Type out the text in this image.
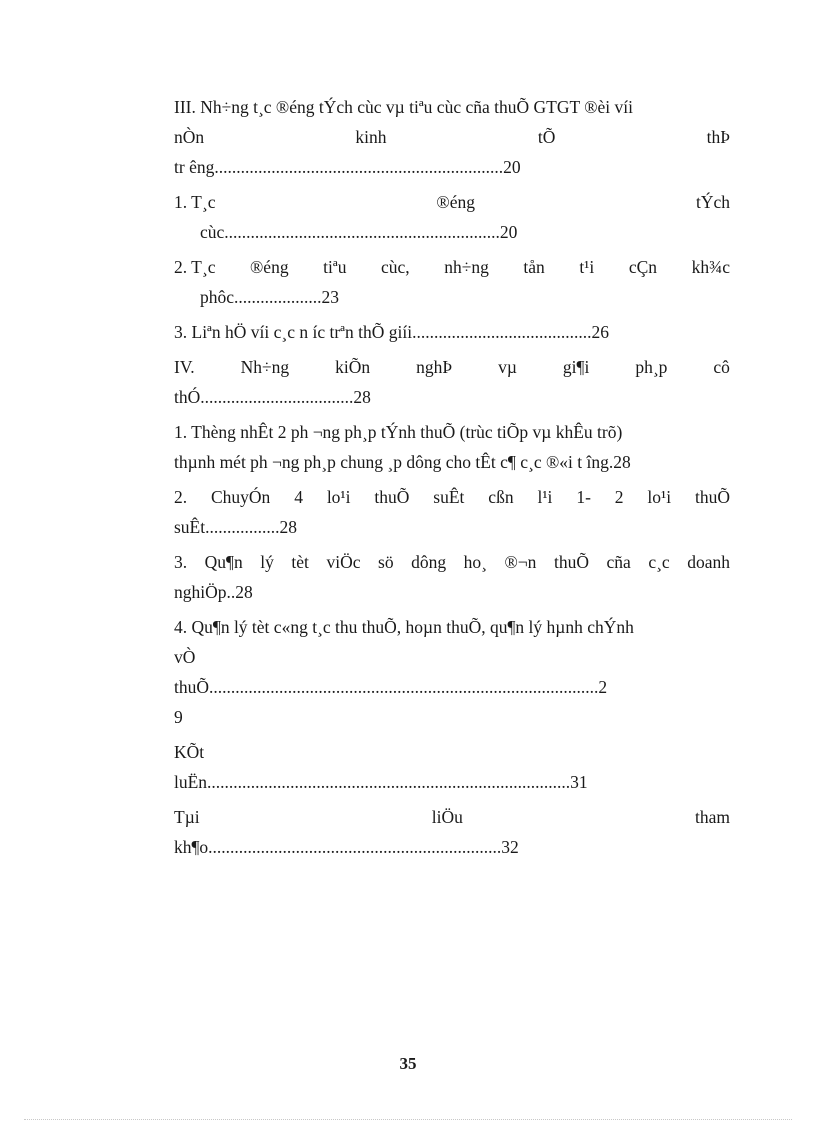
III. Nh÷ng t¸c ®éng tÝch cùc vµ tiªu cùc cña thuÕ GTGT ®èi víi
nÒn	kinh	tÕ	thÞ
tr êng..................................................................20
1. T¸c	®éng	tÝch
cùc...............................................................20
2. T¸c ®éng tiªu cùc, nh÷ng tån t¹i cÇn kh¾c
phôc....................23
3. Liªn hÖ víi c¸c n íc trªn thÕ giíi.........................................26
IV.	Nh÷ng	kiÕn	nghÞ	vµ	gi¶i	ph¸p	cô
thÓ...................................28
1. Thèng nhÊt 2 ph ¬ng ph¸p tÝnh thuÕ (trùc tiÕp vµ khÊu trõ)
thµnh mét ph ¬ng ph¸p chung ¸p dông cho tÊt c¶ c¸c ®«i t îng.28
2. ChuyÓn 4 lo¹i thuÕ suÊt cßn l¹i 1- 2 lo¹i thuÕ
suÊt.................28
3. Qu¶n lý tèt viÖc sö dông ho¸ ®¬n thuÕ cña c¸c doanh
nghiÖp..28
4. Qu¶n lý tèt c«ng t¸c thu thuÕ, hoµn thuÕ, qu¶n lý hµnh chÝnh
vÒ
thuÕ.........................................................................................2
9
KÕt
luËn...................................................................................31
Tµi	liÖu	tham
kh¶o...................................................................32
35
